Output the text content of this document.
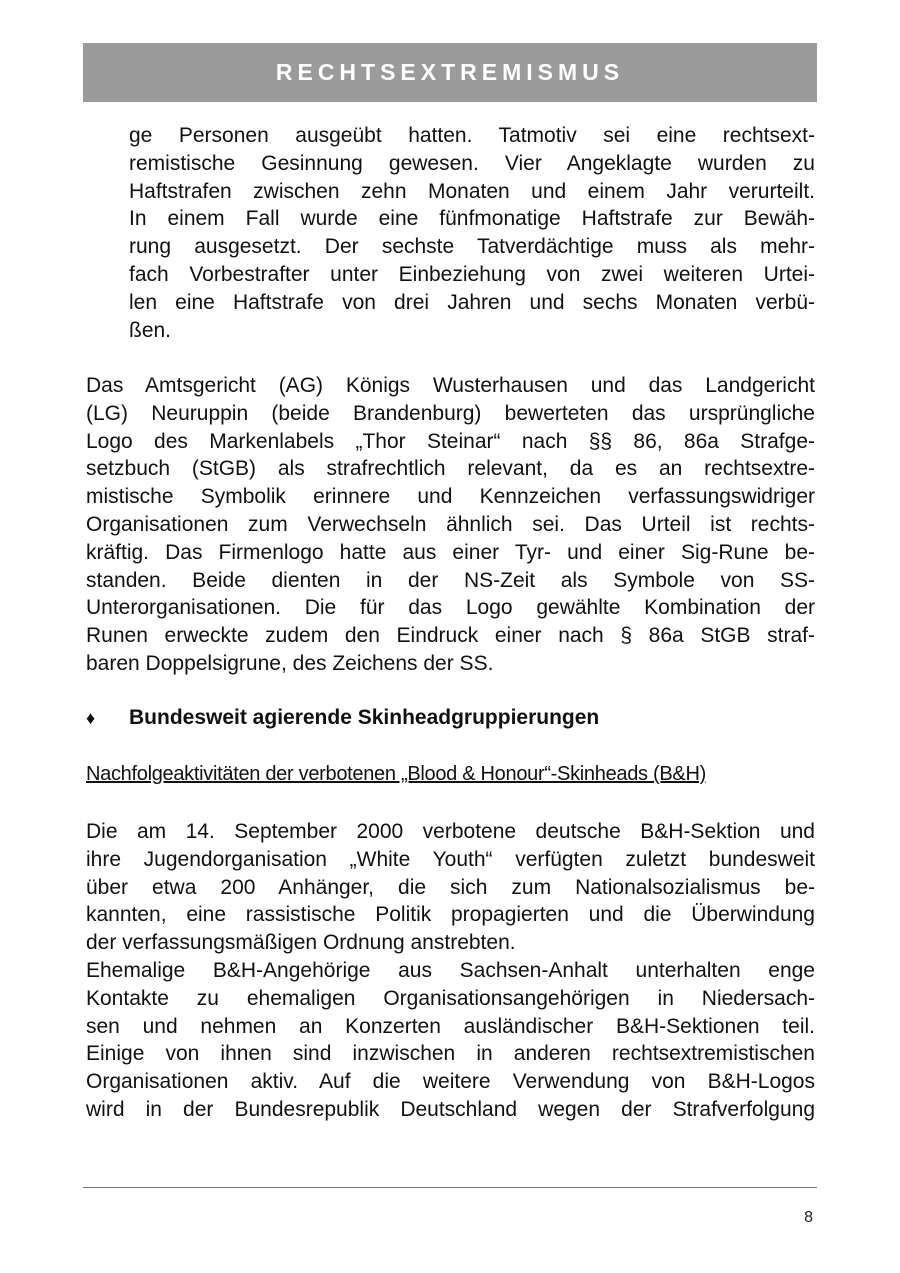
RECHTSEXTREMISMUS
ge Personen ausgeübt hatten. Tatmotiv sei eine rechtsext-
remistische Gesinnung gewesen. Vier Angeklagte wurden zu
Haftstrafen zwischen zehn Monaten und einem Jahr verurteilt.
In einem Fall wurde eine fünfmonatige Haftstrafe zur Bewäh-
rung ausgesetzt. Der sechste Tatverdächtige muss als mehr-
fach Vorbestrafter unter Einbeziehung von zwei weiteren Urtei-
len eine Haftstrafe von drei Jahren und sechs Monaten verbü-
ßen.
Das Amtsgericht (AG) Königs Wusterhausen und das Landgericht
(LG) Neuruppin (beide Brandenburg) bewerteten das ursprüngliche
Logo des Markenlabels „Thor Steinar“ nach §§ 86, 86a Strafge-
setzbuch (StGB) als strafrechtlich relevant, da es an rechtsextre-
mistische Symbolik erinnere und Kennzeichen verfassungswidriger
Organisationen zum Verwechseln ähnlich sei. Das Urteil ist rechts-
kräftig. Das Firmenlogo hatte aus einer Tyr- und einer Sig-Rune be-
standen. Beide dienten in der NS-Zeit als Symbole von SS-
Unterorganisationen. Die für das Logo gewählte Kombination der
Runen erweckte zudem den Eindruck einer nach § 86a StGB straf-
baren Doppelsigrune, des Zeichens der SS.
♦ Bundesweit agierende Skinheadgruppierungen
Nachfolgeaktivitäten der verbotenen „Blood & Honour“-Skinheads (B&H)
Die am 14. September 2000 verbotene deutsche B&H-Sektion und
ihre Jugendorganisation „White Youth“ verfügten zuletzt bundesweit
über etwa 200 Anhänger, die sich zum Nationalsozialismus be-
kannten, eine rassistische Politik propagierten und die Überwindung
der verfassungsmäßigen Ordnung anstrebten.
Ehemalige B&H-Angehörige aus Sachsen-Anhalt unterhalten enge
Kontakte zu ehemaligen Organisationsangehörigen in Niedersach-
sen und nehmen an Konzerten ausländischer B&H-Sektionen teil.
Einige von ihnen sind inzwischen in anderen rechtsextremistischen
Organisationen aktiv. Auf die weitere Verwendung von B&H-Logos
wird in der Bundesrepublik Deutschland wegen der Strafverfolgung
8
